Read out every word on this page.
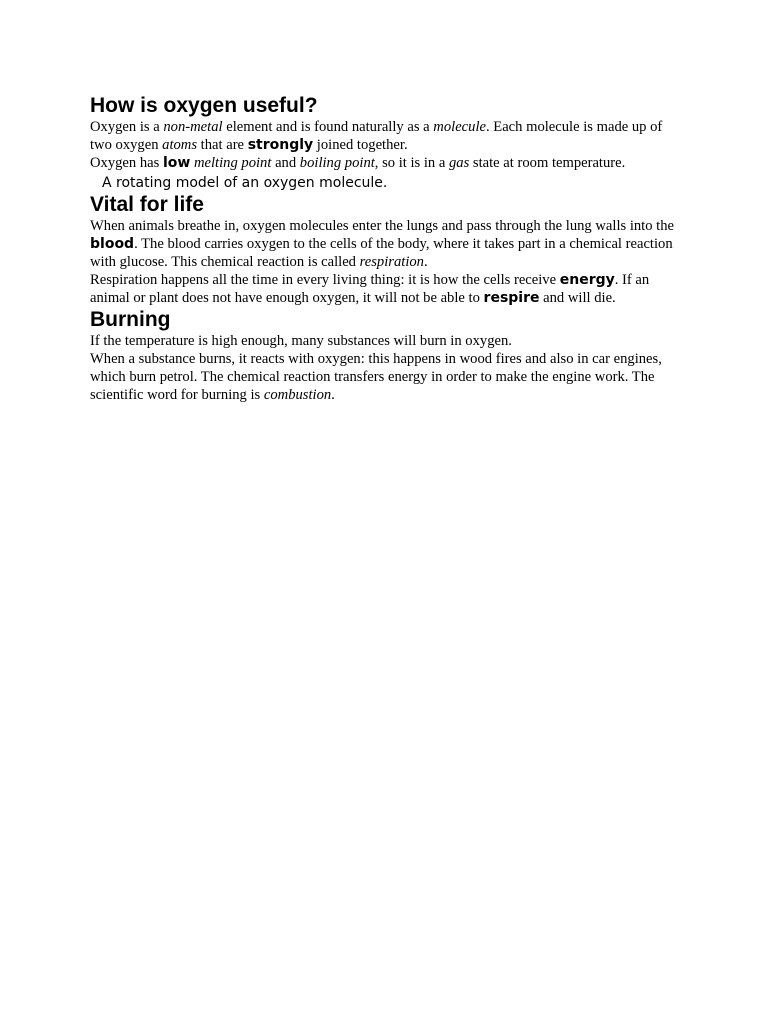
How is oxygen useful?

Oxygen is a non-metal element and is found naturally as a molecule. Each molecule is made up of two oxygen atoms that are strongly joined together.

Oxygen has low melting point and boiling point, so it is in a gas state at room temperature.

A rotating model of an oxygen molecule.

Vital for life

When animals breathe in, oxygen molecules enter the lungs and pass through the lung walls into the blood. The blood carries oxygen to the cells of the body, where it takes part in a chemical reaction with glucose. This chemical reaction is called respiration.

Respiration happens all the time in every living thing: it is how the cells receive energy. If an animal or plant does not have enough oxygen, it will not be able to respire and will die.

Burning

If the temperature is high enough, many substances will burn in oxygen.

When a substance burns, it reacts with oxygen: this happens in wood fires and also in car engines, which burn petrol. The chemical reaction transfers energy in order to make the engine work. The scientific word for burning is combustion.
